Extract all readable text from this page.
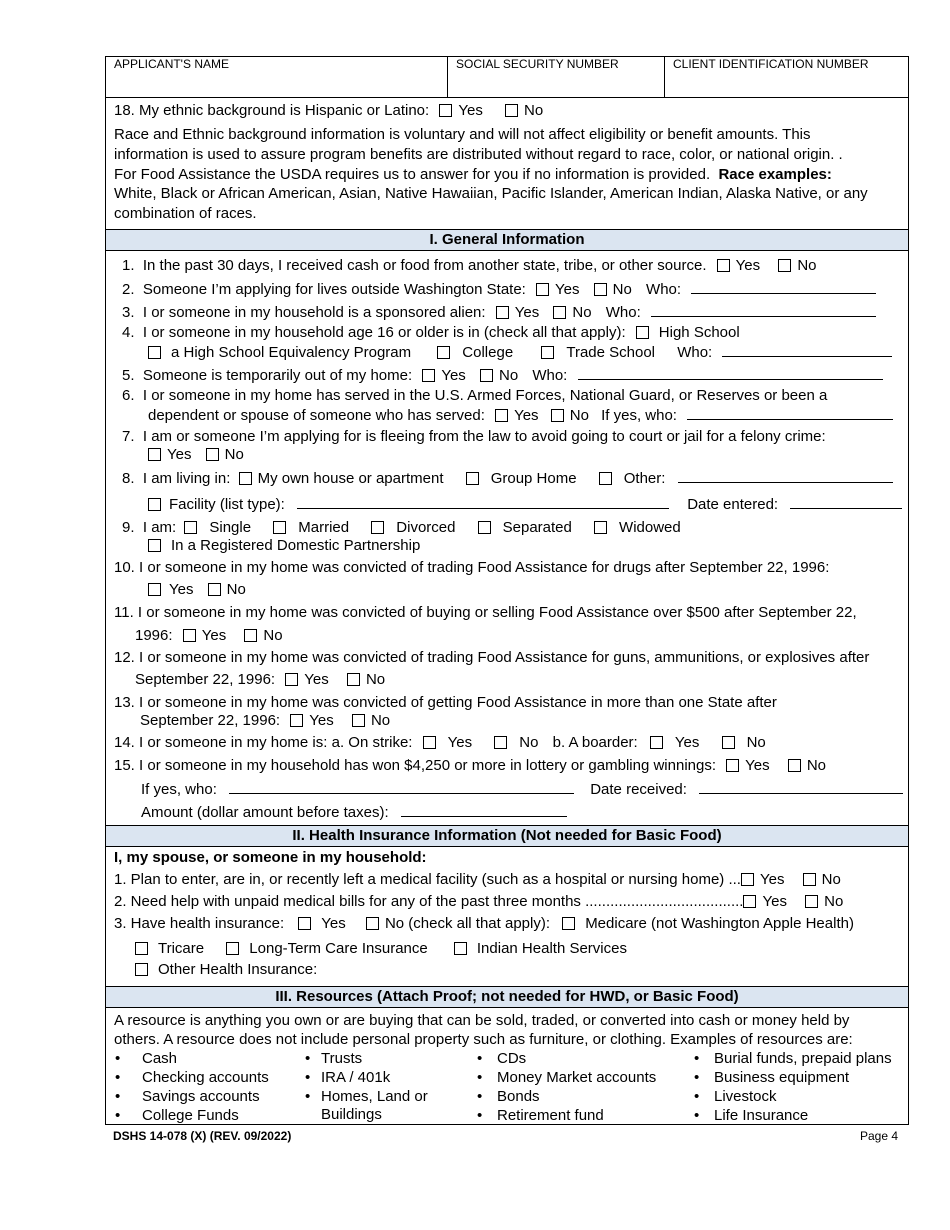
APPLICANT'S NAME	SOCIAL SECURITY NUMBER	CLIENT IDENTIFICATION NUMBER
18. My ethnic background is Hispanic or Latino: Yes	No
Race and Ethnic background information is voluntary and will not affect eligibility or benefit amounts. This
information is used to assure program benefits are distributed without regard to race, color, or national origin. .
For Food Assistance the USDA requires us to answer for you if no information is provided. Race examples:
White, Black or African American, Asian, Native Hawaiian, Pacific Islander, American Indian, Alaska Native, or any
combination of races.
I. General Information
1. In the past 30 days, I received cash or food from another state, tribe, or other source. Yes No
2. Someone I’m applying for lives outside Washington State: Yes No Who:
3. I or someone in my household is a sponsored alien: Yes No Who:
4. I or someone in my household age 16 or older is in (check all that apply): High School
a High School Equivalency Program	College	Trade School Who:
5. Someone is temporarily out of my home: Yes No Who:
6. I or someone in my home has served in the U.S. Armed Forces, National Guard, or Reserves or been a
dependent or spouse of someone who has served: Yes No If yes, who:
7. I am or someone I’m applying for is fleeing from the law to avoid going to court or jail for a felony crime:
Yes No
8. I am living in: My own house or apartment	Group Home	Other:
Facility (list type):	Date entered:
9. I am: Single	Married	Divorced	Separated	Widowed
In a Registered Domestic Partnership
10. I or someone in my home was convicted of trading Food Assistance for drugs after September 22, 1996:
Yes No
11. I or someone in my home was convicted of buying or selling Food Assistance over $500 after September 22,
1996: Yes No
12. I or someone in my home was convicted of trading Food Assistance for guns, ammunitions, or explosives after
September 22, 1996: Yes No
13. I or someone in my home was convicted of getting Food Assistance in more than one State after
September 22, 1996: Yes No
14. I or someone in my home is: a. On strike: Yes	No b. A boarder: Yes	No
15. I or someone in my household has won $4,250 or more in lottery or gambling winnings: Yes No
If yes, who:	Date received:
Amount (dollar amount before taxes):
II. Health Insurance Information (Not needed for Basic Food)
I, my spouse, or someone in my household:
1. Plan to enter, are in, or recently left a medical facility (such as a hospital or nursing home) ... Yes No
2. Need help with unpaid medical bills for any of the past three months ...................................... Yes No
3. Have health insurance: Yes	No (check all that apply): Medicare (not Washington Apple Health)
Tricare	Long-Term Care Insurance	Indian Health Services
Other Health Insurance:
III. Resources (Attach Proof; not needed for HWD, or Basic Food)
A resource is anything you own or are buying that can be sold, traded, or converted into cash or money held by
others. A resource does not include personal property such as furniture, or clothing. Examples of resources are:
• Cash
• Checking accounts
• Savings accounts
• College Funds
• Trusts
• IRA / 401k
• Homes, Land or
Buildings
• CDs
• Money Market accounts
• Bonds
• Retirement fund
• Burial funds, prepaid plans
• Business equipment
• Livestock
• Life Insurance
DSHS 14-078 (X) (REV. 09/2022)	Page 4
